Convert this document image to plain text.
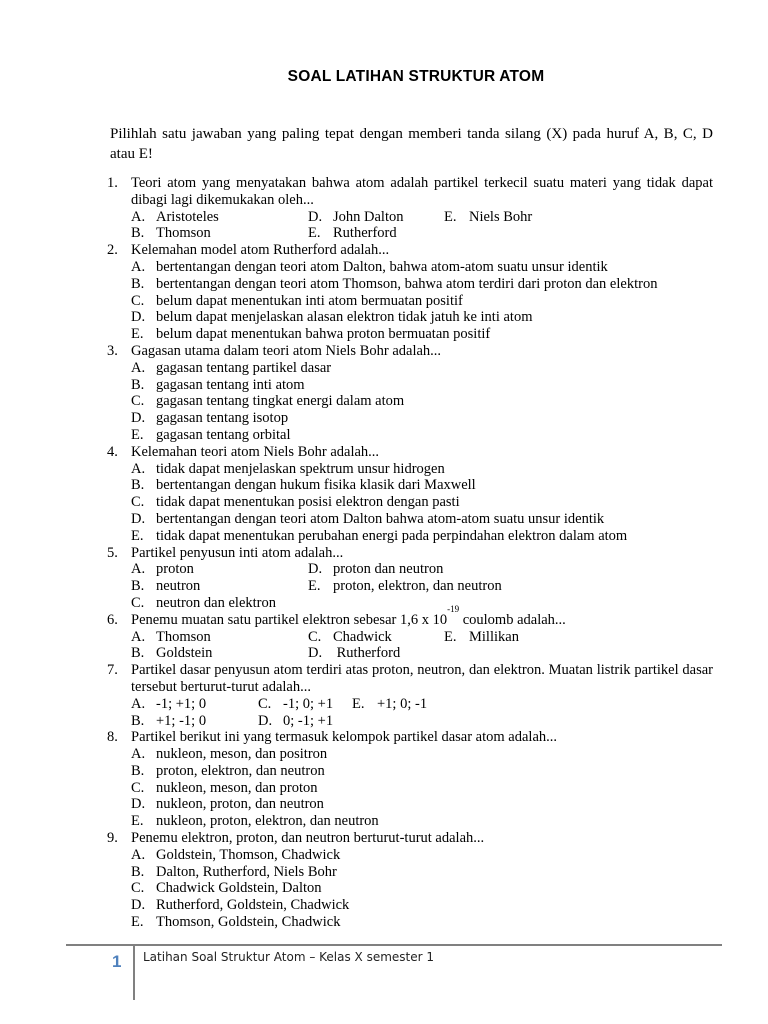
SOAL LATIHAN STRUKTUR ATOM
Pilihlah satu jawaban yang paling tepat dengan memberi tanda silang (X) pada huruf A, B, C, D atau E!
1. Teori atom yang menyatakan bahwa atom adalah partikel terkecil suatu materi yang tidak dapat dibagi lagi dikemukakan oleh...
A. Aristoteles	D. John Dalton	E. Niels Bohr
B. Thomson	E. Rutherford
2. Kelemahan model atom Rutherford adalah...
A. bertentangan dengan teori atom Dalton, bahwa atom-atom suatu unsur identik
B. bertentangan dengan teori atom Thomson, bahwa atom terdiri dari proton dan elektron
C. belum dapat menentukan inti atom bermuatan positif
D. belum dapat menjelaskan alasan elektron tidak jatuh ke inti atom
E. belum dapat menentukan bahwa proton bermuatan positif
3. Gagasan utama dalam teori atom Niels Bohr adalah...
A. gagasan tentang partikel dasar
B. gagasan tentang inti atom
C. gagasan tentang tingkat energi dalam atom
D. gagasan tentang isotop
E. gagasan tentang orbital
4. Kelemahan teori atom Niels Bohr adalah...
A. tidak dapat menjelaskan spektrum unsur hidrogen
B. bertentangan dengan hukum fisika klasik dari Maxwell
C. tidak dapat menentukan posisi elektron dengan pasti
D. bertentangan dengan teori atom Dalton bahwa atom-atom suatu unsur identik
E. tidak dapat menentukan perubahan energi pada perpindahan elektron dalam atom
5. Partikel penyusun inti atom adalah...
A. proton	D. proton dan neutron
B. neutron	E. proton, elektron, dan neutron
C. neutron dan elektron
6. Penemu muatan satu partikel elektron sebesar 1,6 x $10^{-19}$ coulomb adalah...
A. Thomson	C. Chadwick	E. Millikan
B. Goldstein	D. Rutherford
7. Partikel dasar penyusun atom terdiri atas proton, neutron, dan elektron. Muatan listrik partikel dasar tersebut berturut-turut adalah...
A. -1; +1; 0	C. -1; 0; +1 E. +1; 0; -1
B. +1; -1; 0	D. 0; -1; +1
8. Partikel berikut ini yang termasuk kelompok partikel dasar atom adalah...
A. nukleon, meson, dan positron
B. proton, elektron, dan neutron
C. nukleon, meson, dan proton
D. nukleon, proton, dan neutron
E. nukleon, proton, elektron, dan neutron
9. Penemu elektron, proton, dan neutron berturut-turut adalah...
A. Goldstein, Thomson, Chadwick
B. Dalton, Rutherford, Niels Bohr
C. Chadwick Goldstein, Dalton
D. Rutherford, Goldstein, Chadwick
E. Thomson, Goldstein, Chadwick
1 Latihan Soal Struktur Atom – Kelas X semester 1
